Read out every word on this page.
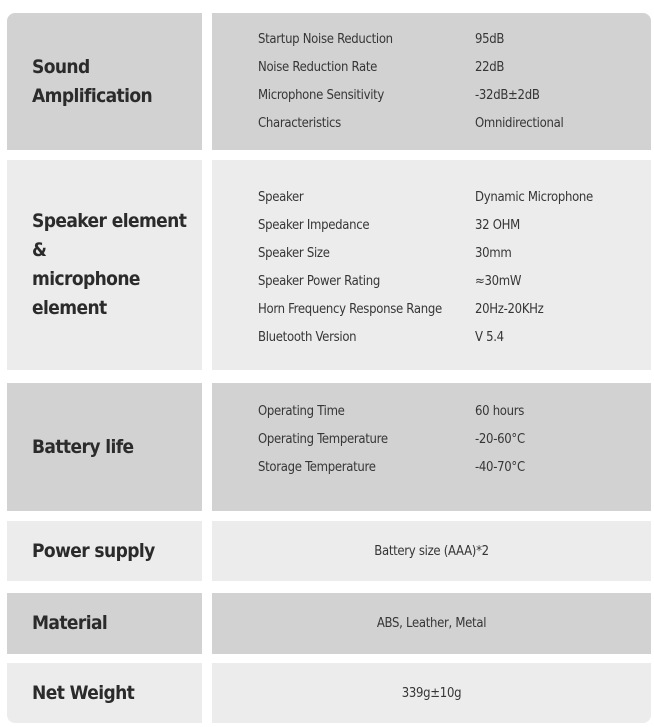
Sound Amplification
Startup Noise Reduction	95dB
Noise Reduction Rate	22dB
Microphone Sensitivity	-32dB±2dB
Characteristics	Omnidirectional
Speaker element &
microphone element
Speaker	Dynamic Microphone
Speaker Impedance	32 OHM
Speaker Size	30mm
Speaker Power Rating	≈30mW
Horn Frequency Response Range	20Hz-20KHz
Bluetooth Version	V 5.4
Battery life
Operating Time	60 hours
Operating Temperature	-20-60°C
Storage Temperature	-40-70°C
Power supply	Battery size (AAA)*2
Material	ABS, Leather, Metal
Net Weight	339g±10g
